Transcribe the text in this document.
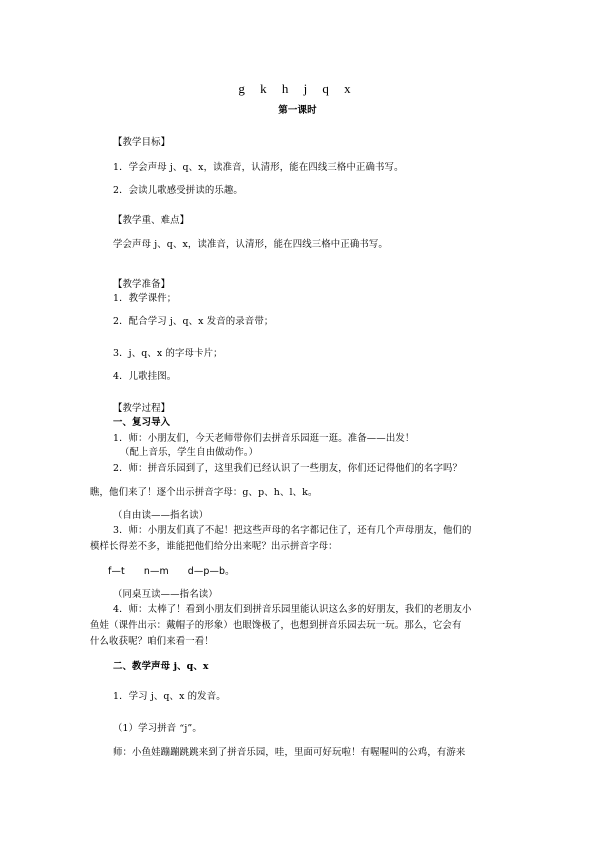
g k h j q x
第一课时
【教学目标】
1．学会声母 j、q、x，读准音，认清形，能在四线三格中正确书写。
2．会读儿歌感受拼读的乐趣。
【教学重、难点】
学会声母 j、q、x，读准音，认清形，能在四线三格中正确书写。
【教学准备】
1．教学课件；
2．配合学习 j、q、x 发音的录音带；
3．j、q、x 的字母卡片；
4．儿歌挂图。
【教学过程】
一、复习导入
1．师：小朋友们，今天老师带你们去拼音乐园逛一逛。准备——出发！
（配上音乐，学生自由做动作。）
2．师：拼音乐园到了，这里我们已经认识了一些朋友，你们还记得他们的名字吗？
瞧，他们来了！逐个出示拼音字母：g、p、h、l、k。
（自由读——指名读）
3．师：小朋友们真了不起！把这些声母的名字都记住了，还有几个声母朋友，他们的
模样长得差不多，谁能把他们给分出来呢？出示拼音字母：
f—t　　n—m　　d—p—b。
（同桌互读——指名读）
4．师：太棒了！看到小朋友们到拼音乐园里能认识这么多的好朋友，我们的老朋友小
鱼娃（课件出示：戴帽子的形象）也眼馋极了，也想到拼音乐园去玩一玩。那么，它会有
什么收获呢？咱们来看一看！
二、教学声母 j、q、x
1．学习 j、q、x 的发音。
（1）学习拼音 “j”。
师：小鱼娃蹦蹦跳跳来到了拼音乐园，哇，里面可好玩啦！有喔喔叫的公鸡，有游来
